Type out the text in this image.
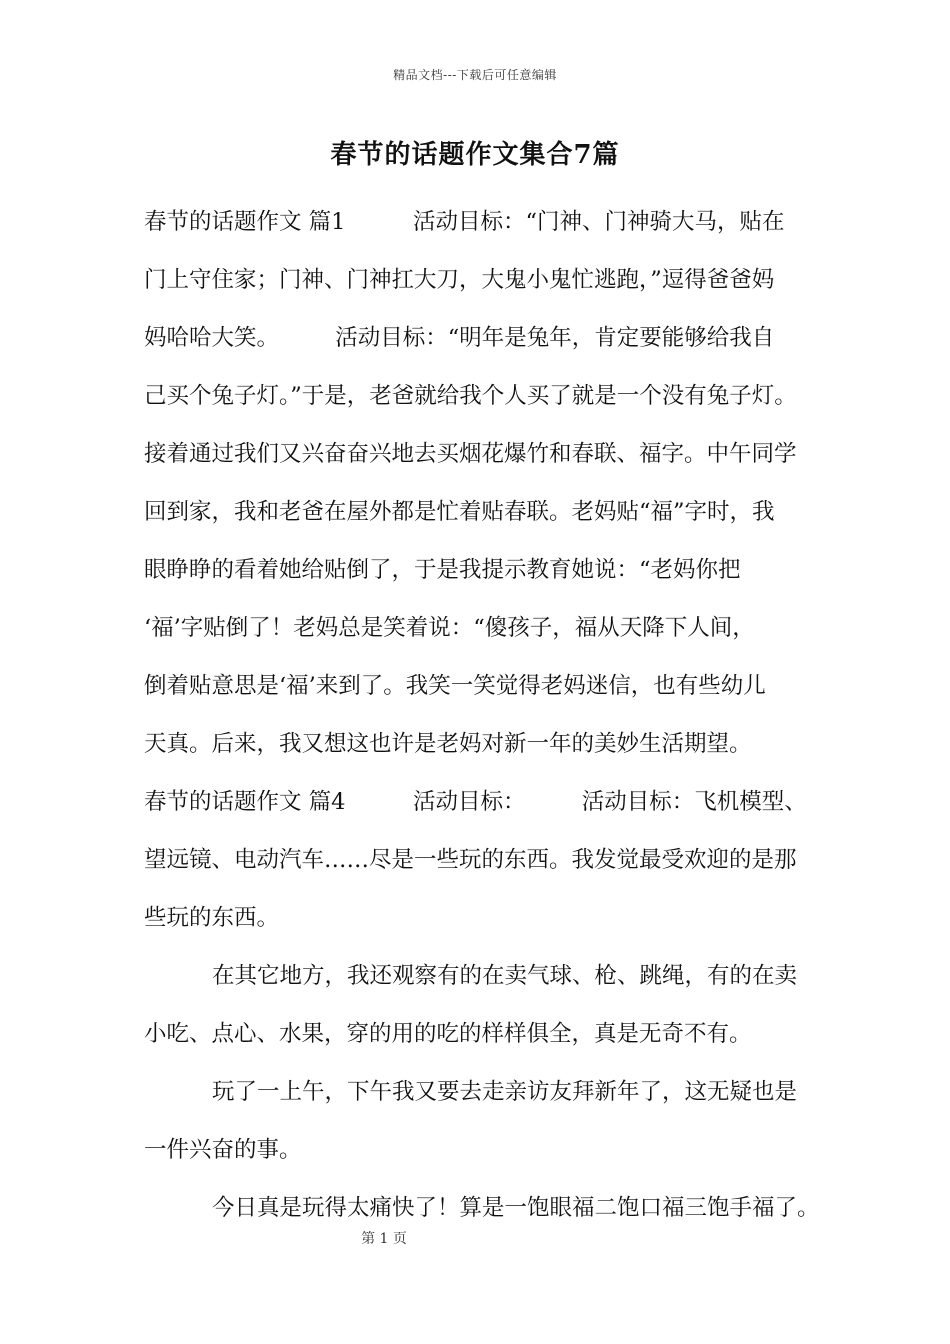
精品文档---下载后可任意编辑
春节的话题作文集合7篇
春节的话题作文 篇1　　　活动目标：“门神、门神骑大马，贴在
门上守住家；门神、门神扛大刀，大鬼小鬼忙逃跑，”逗得爸爸妈
妈哈哈大笑。　　　活动目标：“明年是兔年，肯定要能够给我自
己买个兔子灯。”于是，老爸就给我个人买了就是一个没有兔子灯。
接着通过我们又兴奋奋兴地去买烟花爆竹和春联、福字。中午同学
回到家，我和老爸在屋外都是忙着贴春联。老妈贴“福”字时，我
眼睁睁的看着她给贴倒了，于是我提示教育她说：“老妈你把
‘福’字贴倒了！老妈总是笑着说：“傻孩子，福从天降下人间，
倒着贴意思是‘福’来到了。我笑一笑觉得老妈迷信，也有些幼儿
天真。后来，我又想这也许是老妈对新一年的美妙生活期望。
春节的话题作文 篇4　　　活动目标：　　　活动目标：飞机模型、
望远镜、电动汽车……尽是一些玩的东西。我发觉最受欢迎的是那
些玩的东西。
在其它地方，我还观察有的在卖气球、枪、跳绳，有的在卖
小吃、点心、水果，穿的用的吃的样样俱全，真是无奇不有。
玩了一上午，下午我又要去走亲访友拜新年了，这无疑也是
一件兴奋的事。
今日真是玩得太痛快了！算是一饱眼福二饱口福三饱手福了。
第 1 页
